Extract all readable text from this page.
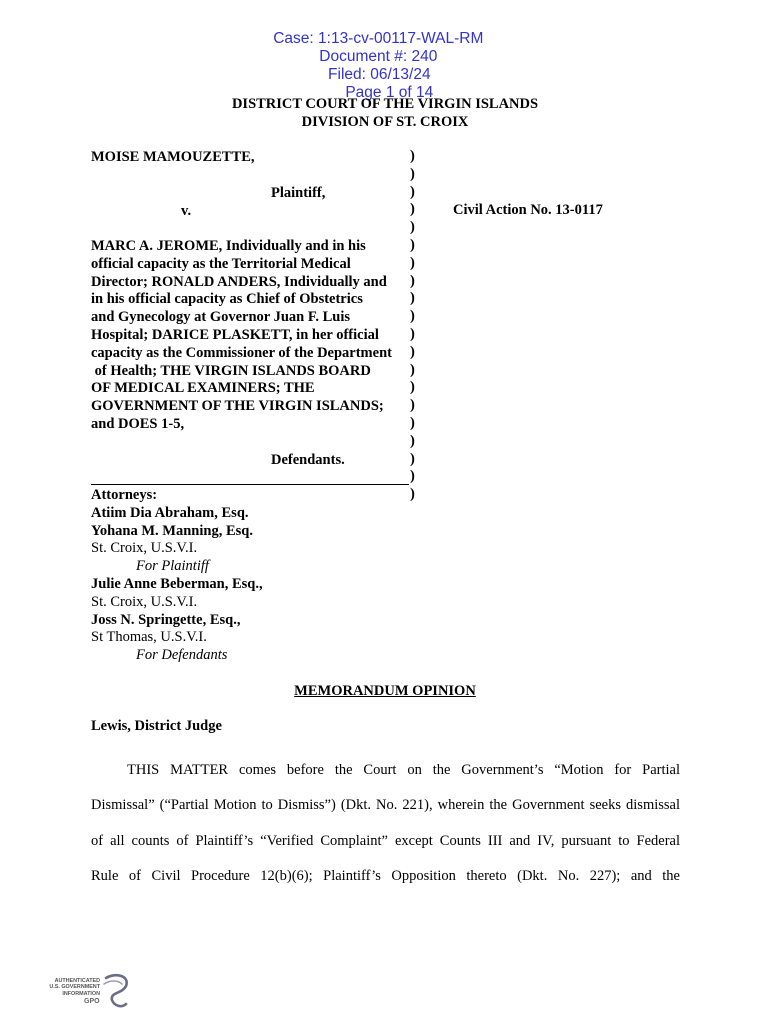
Case: 1:13-cv-00117-WAL-RM
Document #: 240
Filed: 06/13/24
Page 1 of 14

DISTRICT COURT OF THE VIRGIN ISLANDS
DIVISION OF ST. CROIX
MOISE MAMOUZETTE,
Plaintiff,
v.
MARC A. JEROME, Individually and in his
official capacity as the Territorial Medical
Director; RONALD ANDERS, Individually and
in his official capacity as Chief of Obstetrics
and Gynecology at Governor Juan F. Luis
Hospital; DARICE PLASKETT, in her official
capacity as the Commissioner of the Department
of Health; THE VIRGIN ISLANDS BOARD
OF MEDICAL EXAMINERS; THE
GOVERNMENT OF THE VIRGIN ISLANDS;
and DOES 1-5,
Defendants.
)
)
)
)
)
)
)
)
)
)
)
)
)
)
)
)
)
)
)
)
Civil Action No. 13-0117
Attorneys:
Atiim Dia Abraham, Esq.
Yohana M. Manning, Esq.
St. Croix, U.S.V.I.
For Plaintiff
Julie Anne Beberman, Esq.,
St. Croix, U.S.V.I.
Joss N. Springette, Esq.,
St Thomas, U.S.V.I.
For Defendants
MEMORANDUM OPINION
Lewis, District Judge
THIS MATTER comes before the Court on the Government’s “Motion for Partial
Dismissal” (“Partial Motion to Dismiss”) (Dkt. No. 221), wherein the Government seeks dismissal
of all counts of Plaintiff’s “Verified Complaint” except Counts III and IV, pursuant to Federal
Rule of Civil Procedure 12(b)(6); Plaintiff’s Opposition thereto (Dkt. No. 227); and the
AUTHENTICATED
U.S. GOVERNMENT
INFORMATION
GPO
